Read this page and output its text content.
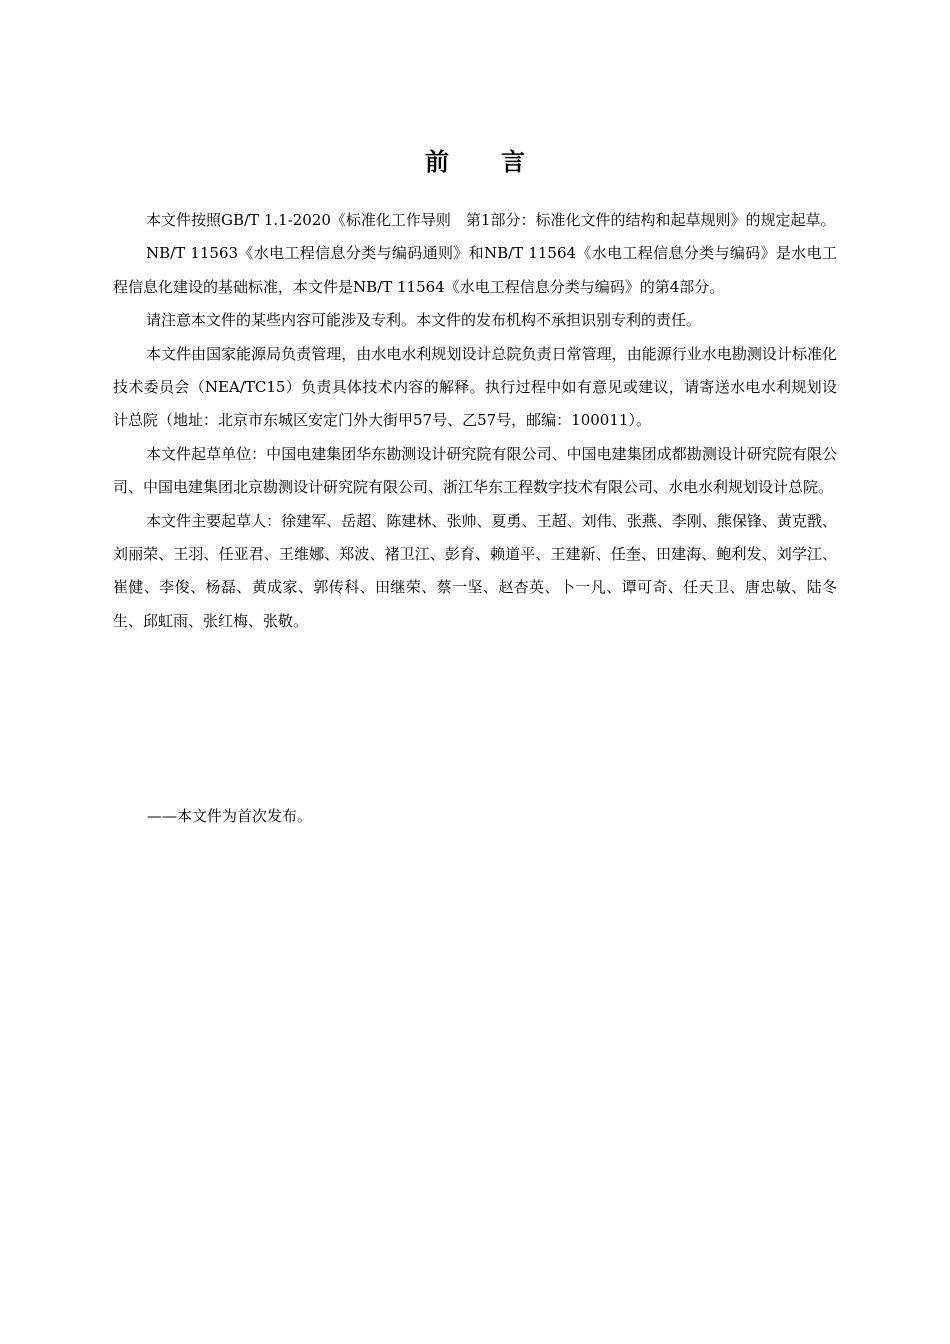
前 言

本文件按照GB/T 1.1-2020《标准化工作导则　第1部分：标准化文件的结构和起草规则》的规定起草。

NB/T 11563《水电工程信息分类与编码通则》和NB/T 11564《水电工程信息分类与编码》是水电工程信息化建设的基础标准，本文件是NB/T 11564《水电工程信息分类与编码》的第4部分。

请注意本文件的某些内容可能涉及专利。本文件的发布机构不承担识别专利的责任。

本文件由国家能源局负责管理，由水电水利规划设计总院负责日常管理，由能源行业水电勘测设计标准化技术委员会（NEA/TC15）负责具体技术内容的解释。执行过程中如有意见或建议，请寄送水电水利规划设计总院（地址：北京市东城区安定门外大街甲57号、乙57号，邮编：100011）。

本文件起草单位：中国电建集团华东勘测设计研究院有限公司、中国电建集团成都勘测设计研究院有限公司、中国电建集团北京勘测设计研究院有限公司、浙江华东工程数字技术有限公司、水电水利规划设计总院。

本文件主要起草人：徐建军、岳超、陈建林、张帅、夏勇、王超、刘伟、张燕、李刚、熊保锋、黄克戬、刘丽荣、王羽、任亚君、王维娜、郑波、褚卫江、彭育、赖道平、王建新、任奎、田建海、鲍利发、刘学江、崔健、李俊、杨磊、黄成家、郭传科、田继荣、蔡一坚、赵杏英、卜一凡、谭可奇、任天卫、唐忠敏、陆冬生、邱虹雨、张红梅、张敬。

——本文件为首次发布。
